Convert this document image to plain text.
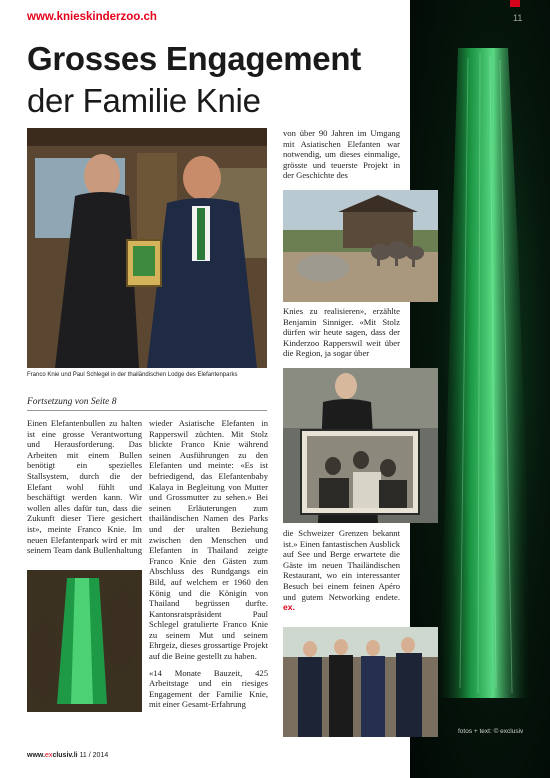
11
fotos + text: © exclusiv
www.knieskinderzoo.ch
Grosses Engagement
der Familie Knie
Franco Knie und Paul Schlegel in der thailändischen Lodge des Elefantenparks
Fortsetzung von Seite 8

Einen Elefantenbullen zu halten ist eine grosse Verantwortung und Herausforderung. Das Arbeiten mit einem Bullen benötigt ein spezielles Stallsystem, durch die der Elefant wohl fühlt und beschäftigt werden kann. Wir wollen alles dafür tun, dass die Zukunft dieser Tiere gesichert ist», meinte Franco Knie. Im neuen Elefantenpark wird er mit seinem Team dank Bullenhaltung

wieder Asiatische Elefanten in Rapperswil züchten. Mit Stolz blickte Franco Knie während seinen Ausführungen zu den Elefanten und meinte: «Es ist befriedigend, das Elefantenbaby Kalaya in Begleitung von Mutter und Grossmutter zu sehen.» Bei seinen Erläuterungen zum thailändischen Namen des Parks und der uralten Beziehung zwischen den Menschen und Elefanten in Thailand zeigte Franco Knie den Gästen zum Abschluss des Rundgangs ein Bild, auf welchem er 1960 den König und die Königin von Thailand begrüssen durfte. Kantonsratspräsident Paul Schlegel gratulierte Franco Knie zu seinem Mut und seinem Ehrgeiz, dieses grossartige Projekt auf die Beine gestellt zu haben.

«14 Monate Bauzeit, 425 Arbeitstage und ein riesiges Engagement der Familie Knie, mit einer Gesamt-Erfahrung

von über 90 Jahren im Umgang mit Asiatischen Elefanten war notwendig, um dieses einmalige, grösste und teuerste Projekt in der Geschichte des

Knies zu realisieren», erzählte Benjamin Sinniger. «Mit Stolz dürfen wir heute sagen, dass der Kinderzoo Rapperswil weit über die Region, ja sogar über

die Schweizer Grenzen bekannt ist.» Einen fantastischen Ausblick auf See und Berge erwartete die Gäste im neuen Thailändischen Restaurant, wo ein interessanter Besuch bei einem feinen Apéro und gutem Networking endete. ex.

www.exclusiv.li 11 / 2014
